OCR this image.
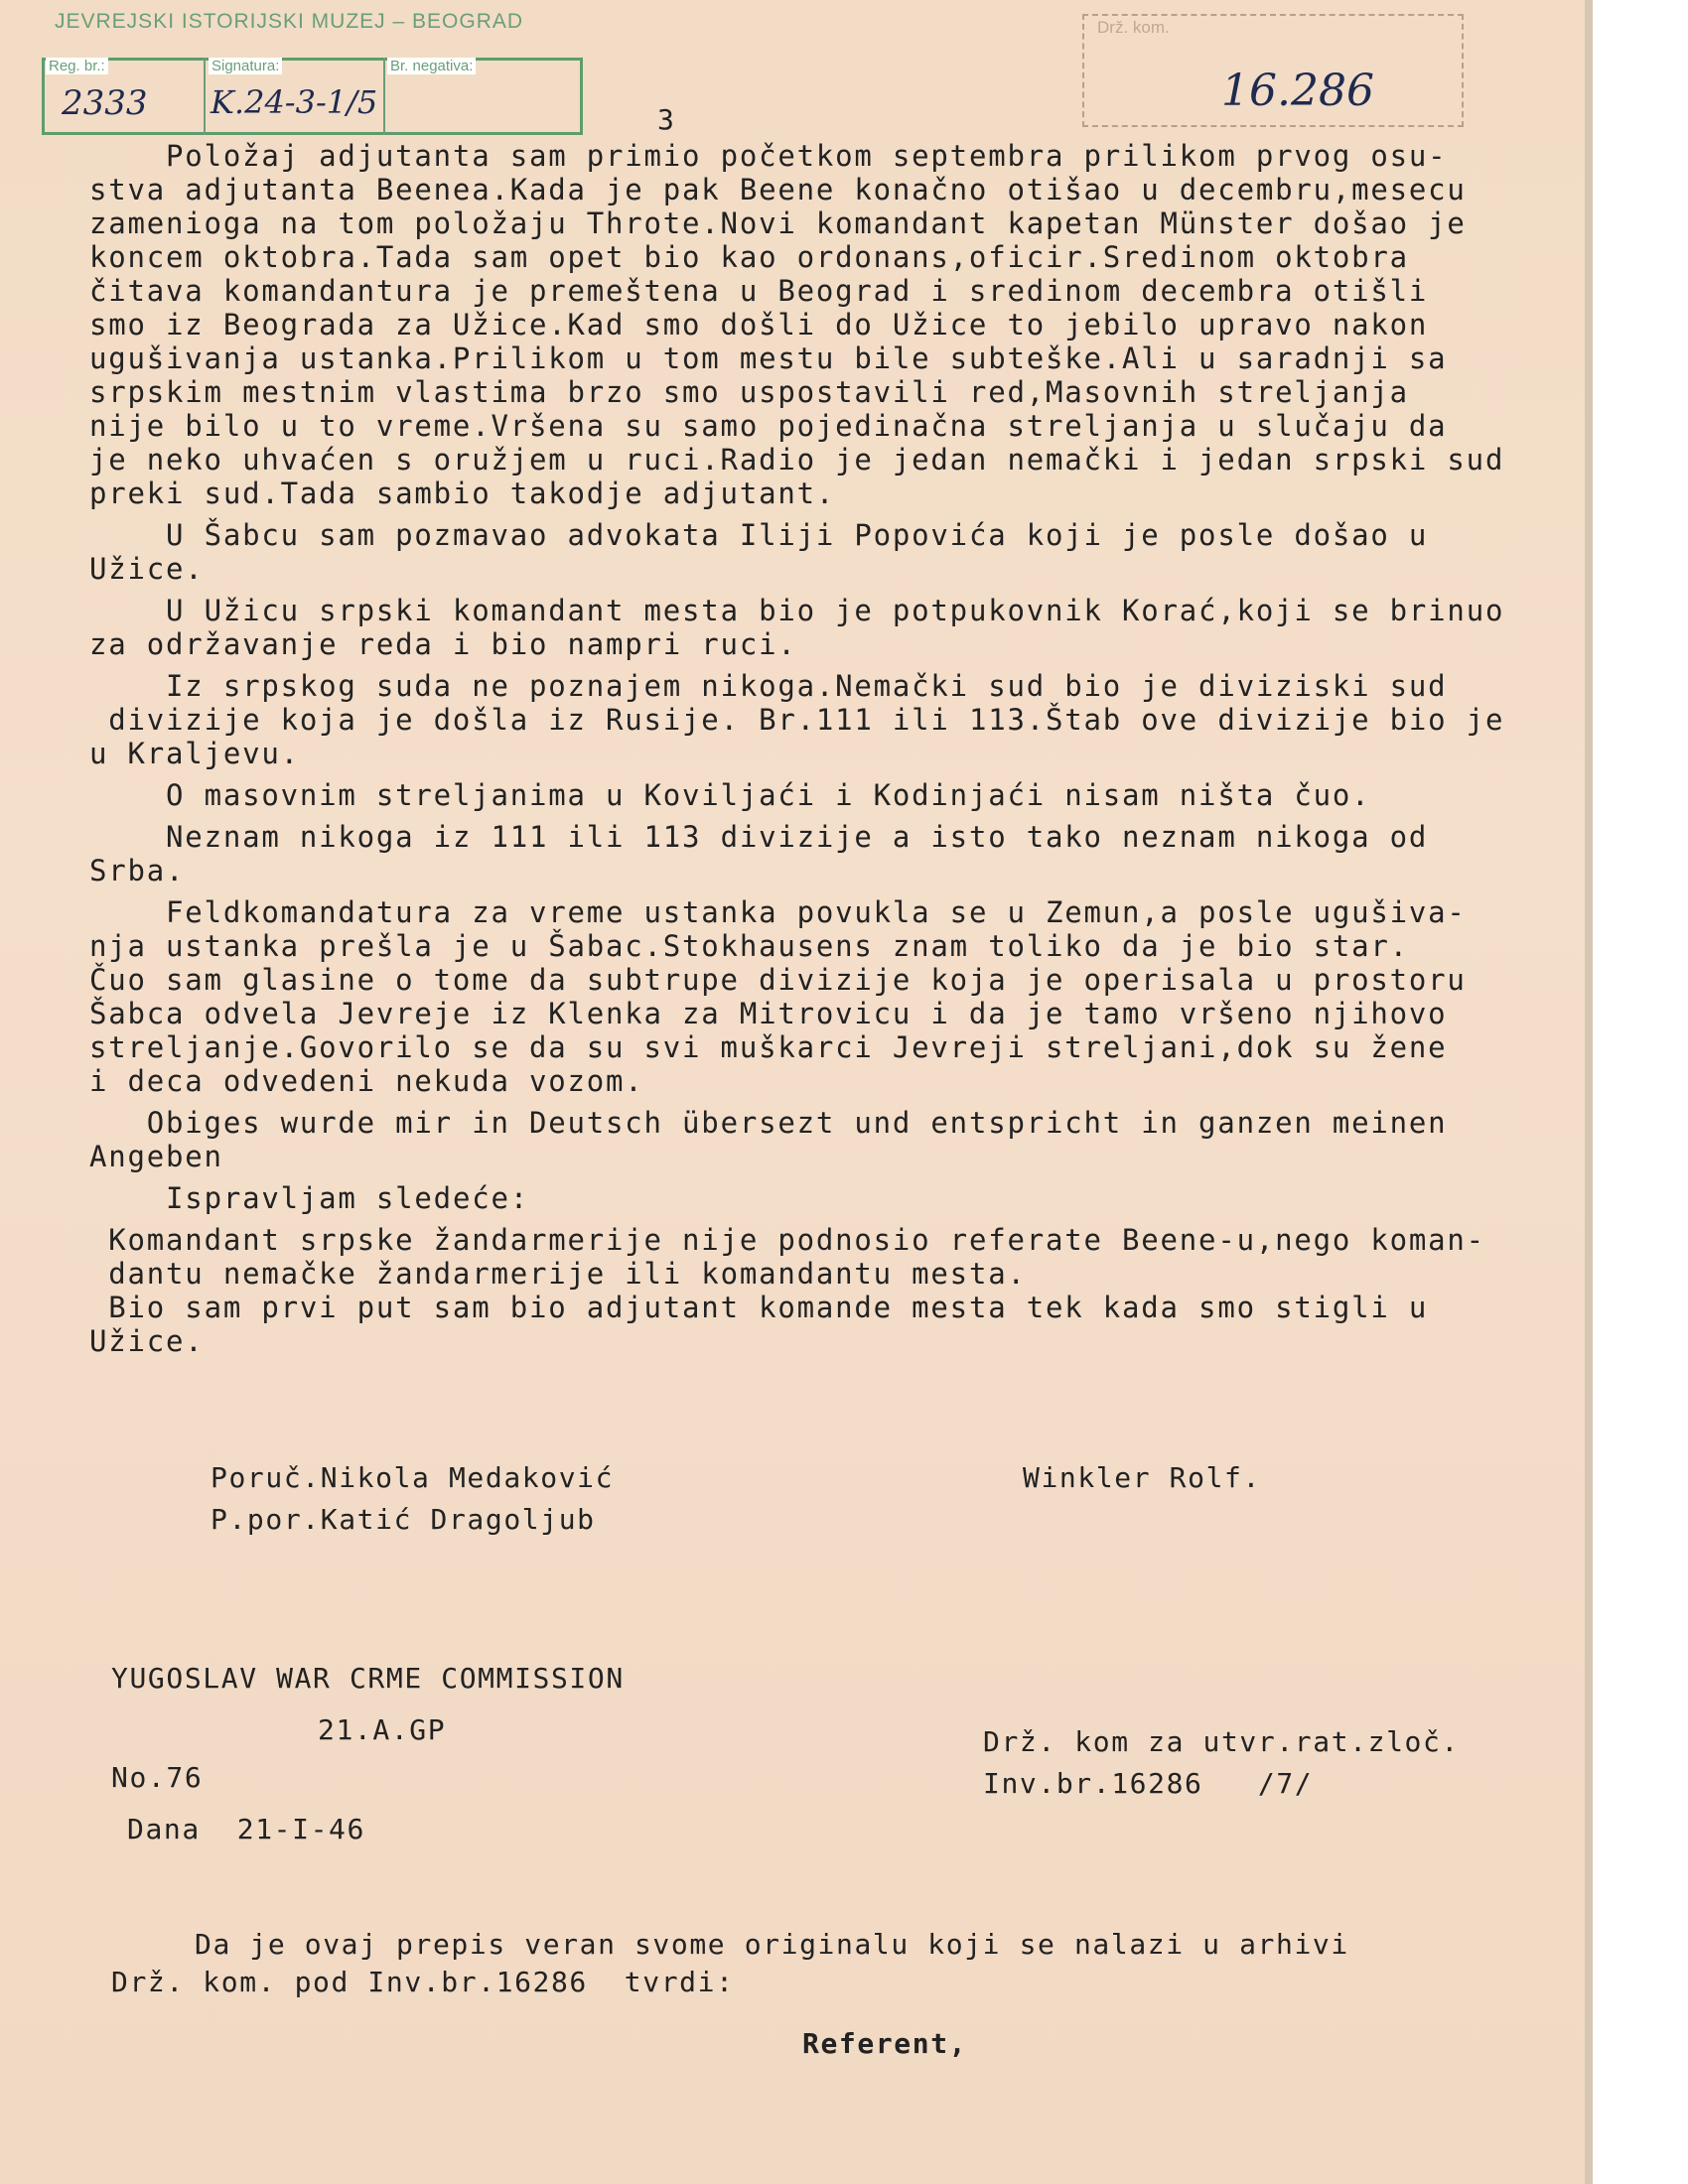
JEVREJSKI ISTORIJSKI MUZEJ – BEOGRAD
Reg. br.:	Signatura:	Br. negativa:
2333 K.24-3-1/5
Drž. kom.
16.286
3

Položaj adjutanta sam primio početkom septembra prilikom prvog osu-
stva adjutanta Beenea.Kada je pak Beene konačno otišao u decembru,mesecu
zamenioga na tom položaju Throte.Novi komandant kapetan Münster došao je
koncem oktobra.Tada sam opet bio kao ordonans,oficir.Sredinom oktobra
čitava komandantura je premeštena u Beograd i sredinom decembra otišli
smo iz Beograda za Užice.Kad smo došli do Užice to jebilo upravo nakon
ugušivanja ustanka.Prilikom u tom mestu bile subteške.Ali u saradnji sa
srpskim mestnim vlastima brzo smo uspostavili red,Masovnih streljanja
nije bilo u to vreme.Vršena su samo pojedinačna streljanja u slučaju da
je neko uhvaćen s oružjem u ruci.Radio je jedan nemački i jedan srpski sud
preki sud.Tada sambio takodje adjutant.

U Šabcu sam pozmavao advokata Iliji Popovića koji je posle došao u
Užice.

U Užicu srpski komandant mesta bio je potpukovnik Korać,koji se brinuo
za održavanje reda i bio nampri ruci.

Iz srpskog suda ne poznajem nikoga.Nemački sud bio je diviziski sud
divizije koja je došla iz Rusije. Br.111 ili 113.Štab ove divizije bio je
u Kraljevu.

O masovnim streljanima u Koviljaći i Kodinjaći nisam ništa čuo.

Neznam nikoga iz 111 ili 113 divizije a isto tako neznam nikoga od
Srba.

Feldkomandatura za vreme ustanka povukla se u Zemun,a posle ugušiva-
nja ustanka prešla je u Šabac.Stokhausens znam toliko da je bio star.
Čuo sam glasine o tome da subtrupe divizije koja je operisala u prostoru
Šabca odvela Jevreje iz Klenka za Mitrovicu i da je tamo vršeno njihovo
streljanje.Govorilo se da su svi muškarci Jevreji streljani,dok su žene
i deca odvedeni nekuda vozom.

Obiges wurde mir in Deutsch übersezt und entspricht in ganzen meinen
Angeben

Ispravljam sledeće:

Komandant srpske žandarmerije nije podnosio referate Beene-u,nego koman-
dantu nemačke žandarmerije ili komandantu mesta.
Bio sam prvi put sam bio adjutant komande mesta tek kada smo stigli u
Užice.

Poruč.Nikola Medaković
P.por.Katić Dragoljub
Winkler Rolf.
YUGOSLAV WAR CRME COMMISSION
21.A.GP
No.76
Dana  21-I-46
Drž. kom za utvr.rat.zloč.
Inv.br.16286   /7/
Da je ovaj prepis veran svome originalu koji se nalazi u arhivi
Drž. kom. pod Inv.br.16286  tvrdi:
Referent,
